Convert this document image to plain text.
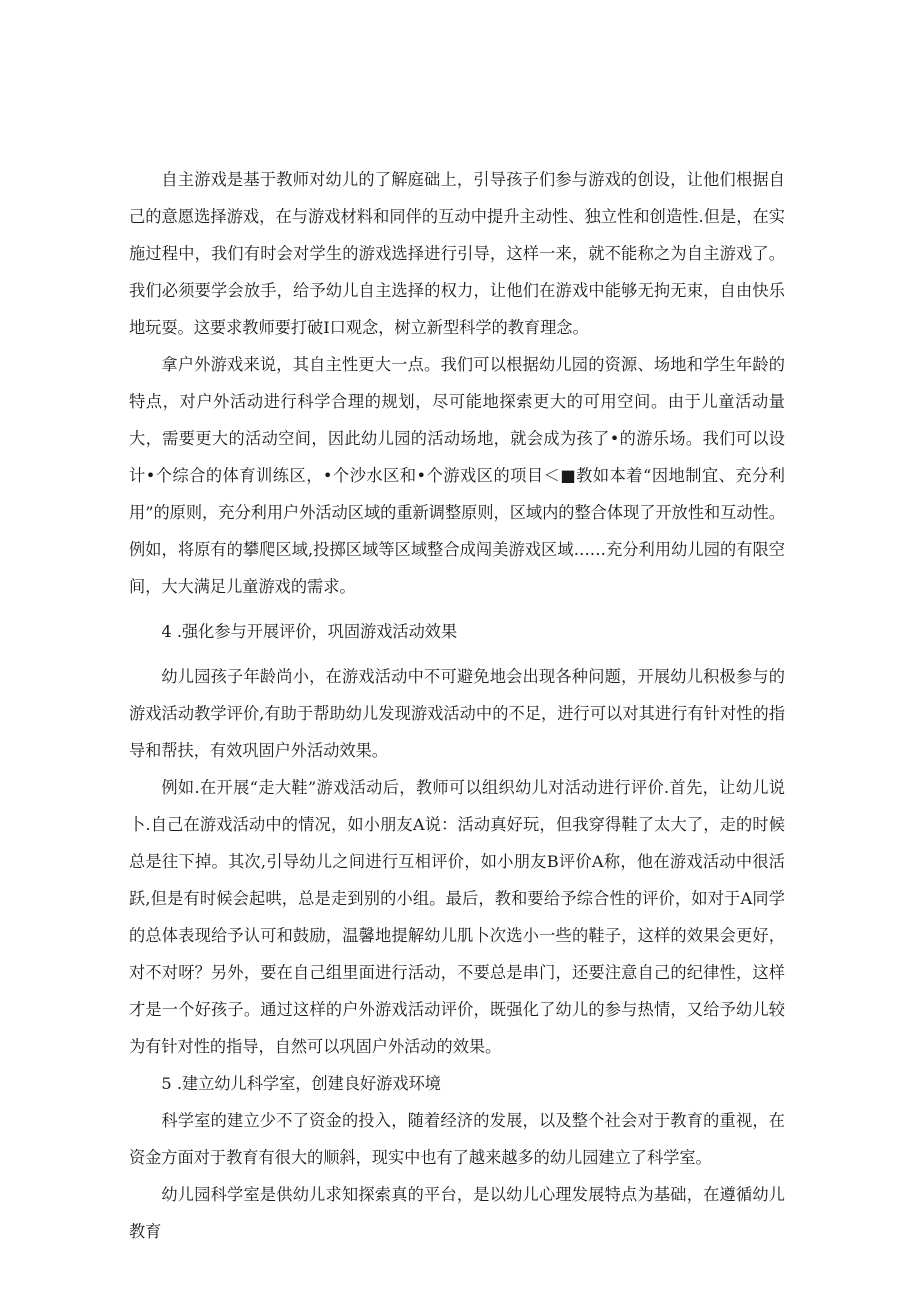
自主游戏是基于教师对幼儿的了解庭础上，引导孩子们参与游戏的创设，让他们根据自己的意愿选择游戏，在与游戏材料和同伴的互动中提升主动性、独立性和创造性.但是，在实施过程中，我们有时会对学生的游戏选择进行引导，这样一来，就不能称之为自主游戏了。我们必须要学会放手，给予幼儿自主选择的权力，让他们在游戏中能够无拘无束，自由快乐地玩耍。这要求教师要打破I口观念，树立新型科学的教育理念。

拿户外游戏来说，其自主性更大一点。我们可以根据幼儿园的资源、场地和学生年龄的特点，对户外活动进行科学合理的规划，尽可能地探索更大的可用空间。由于儿童活动量大，需要更大的活动空间，因此幼儿园的活动场地，就会成为孩了•的游乐场。我们可以设计•个综合的体育训练区，•个沙水区和•个游戏区的项目＜■教如本着“因地制宜、充分利用”的原则，充分利用户外活动区域的重新调整原则，区域内的整合体现了开放性和互动性。例如，将原有的攀爬区域,投掷区域等区域整合成闯美游戏区域……充分利用幼儿园的有限空间，大大满足儿童游戏的需求。

4 .强化参与开展评价，巩固游戏活动效果

幼儿园孩子年龄尚小，在游戏活动中不可避免地会出现各种问题，开展幼儿积极参与的游戏活动教学评价,有助于帮助幼儿发现游戏活动中的不足，进行可以对其进行有针对性的指导和帮扶，有效巩固户外活动效果。

例如.在开展“走大鞋”游戏活动后，教师可以组织幼儿对活动进行评价.首先，让幼儿说卜.自己在游戏活动中的情况，如小朋友A说：活动真好玩，但我穿得鞋了太大了，走的时候总是往下掉。其次,引导幼儿之间进行互相评价，如小朋友B评价A称，他在游戏活动中很活跃,但是有时候会起哄，总是走到别的小组。最后，教和要给予综合性的评价，如对于A同学的总体表现给予认可和鼓励，温馨地提解幼儿肌卜次选小一些的鞋子，这样的效果会更好，对不对呀？另外，要在自己组里面进行活动，不要总是串门，还要注意自己的纪律性，这样才是一个好孩子。通过这样的户外游戏活动评价，既强化了幼儿的参与热情，又给予幼儿较为有针对性的指导，自然可以巩固户外活动的效果。

5 .建立幼儿科学室，创建良好游戏环境

科学室的建立少不了资金的投入，随着经济的发展，以及整个社会对于教育的重视，在资金方面对于教育有很大的顺斜，现实中也有了越来越多的幼儿园建立了科学室。

幼儿园科学室是供幼儿求知探索真的平台，是以幼儿心理发展特点为基础，在遵循幼儿教育
